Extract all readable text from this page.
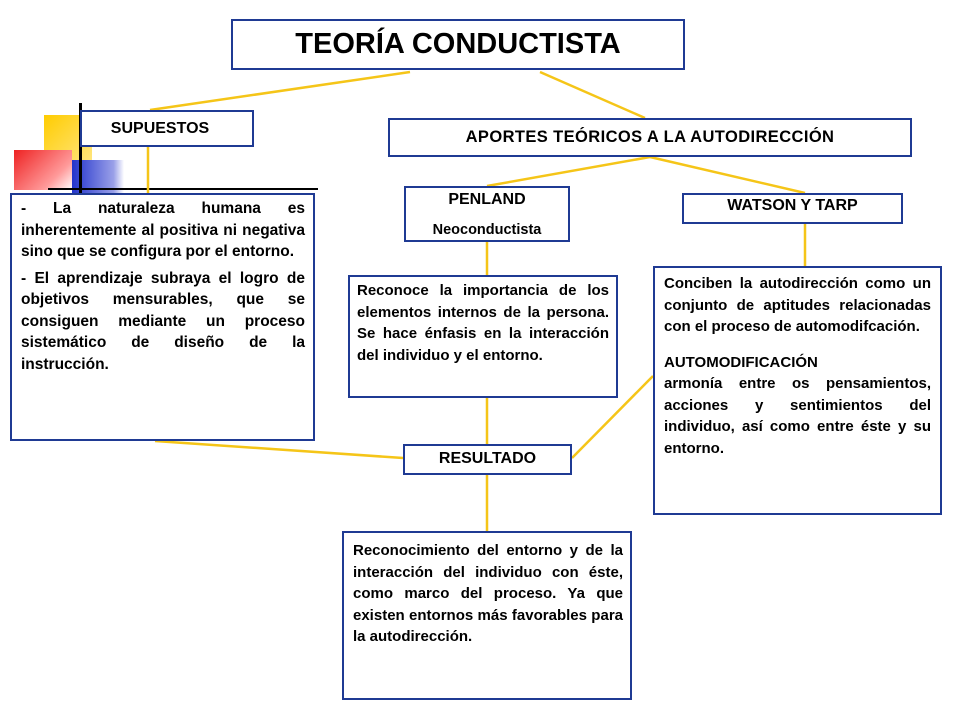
TEORÍA CONDUCTISTA
SUPUESTOS

- La naturaleza humana es inherentemente al positiva ni negativa sino que se configura por el entorno.

- El aprendizaje subraya el logro de objetivos mensurables, que se consiguen mediante un proceso sistemático de diseño de la instrucción.

APORTES TEÓRICOS A LA AUTODIRECCIÓN
PENLAND
Neoconductista

Reconoce la importancia de los elementos internos de la persona. Se hace énfasis en la interacción del individuo y el entorno.

WATSON Y TARP

Conciben la autodirección como un conjunto de aptitudes relacionadas con el proceso de automodifcación.

AUTOMODIFICACIÓN

armonía entre os pensamientos, acciones y sentimientos del individuo, así como entre éste y su entorno.

RESULTADO

Reconocimiento del entorno y de la interacción del individuo con éste, como marco del proceso. Ya que existen entornos más favorables para la autodirección.
